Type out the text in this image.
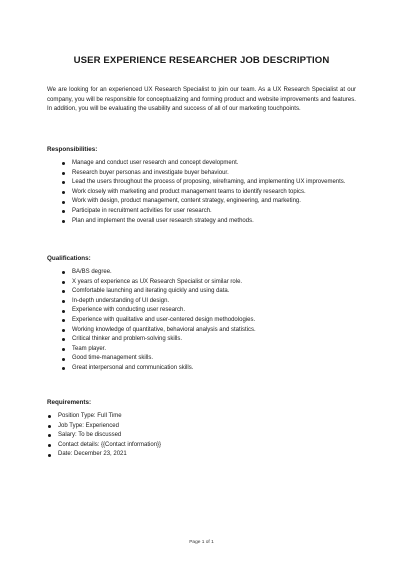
USER EXPERIENCE RESEARCHER JOB DESCRIPTION
We are looking for an experienced UX Research Specialist to join our team. As a UX Research Specialist at our company, you will be responsible for conceptualizing and forming product and website improvements and features. In addition, you will be evaluating the usability and success of all of our marketing touchpoints.
Responsibilities:
Manage and conduct user research and concept development.
Research buyer personas and investigate buyer behaviour.
Lead the users throughout the process of proposing, wireframing, and implementing UX improvements.
Work closely with marketing and product management teams to identify research topics.
Work with design, product management, content strategy, engineering, and marketing.
Participate in recruitment activities for user research.
Plan and implement the overall user research strategy and methods.
Qualifications:
BA/BS degree.
X years of experience as UX Research Specialist or similar role.
Comfortable launching and iterating quickly and using data.
In-depth understanding of UI design.
Experience with conducting user research.
Experience with qualitative and user-centered design methodologies.
Working knowledge of quantitative, behavioral analysis and statistics.
Critical thinker and problem-solving skills.
Team player.
Good time-management skills.
Great interpersonal and communication skills.
Requirements:
Position Type: Full Time
Job Type: Experienced
Salary: To be discussed
Contact details: {{Contact information}}
Date: December 23, 2021
Page 1 of 1
